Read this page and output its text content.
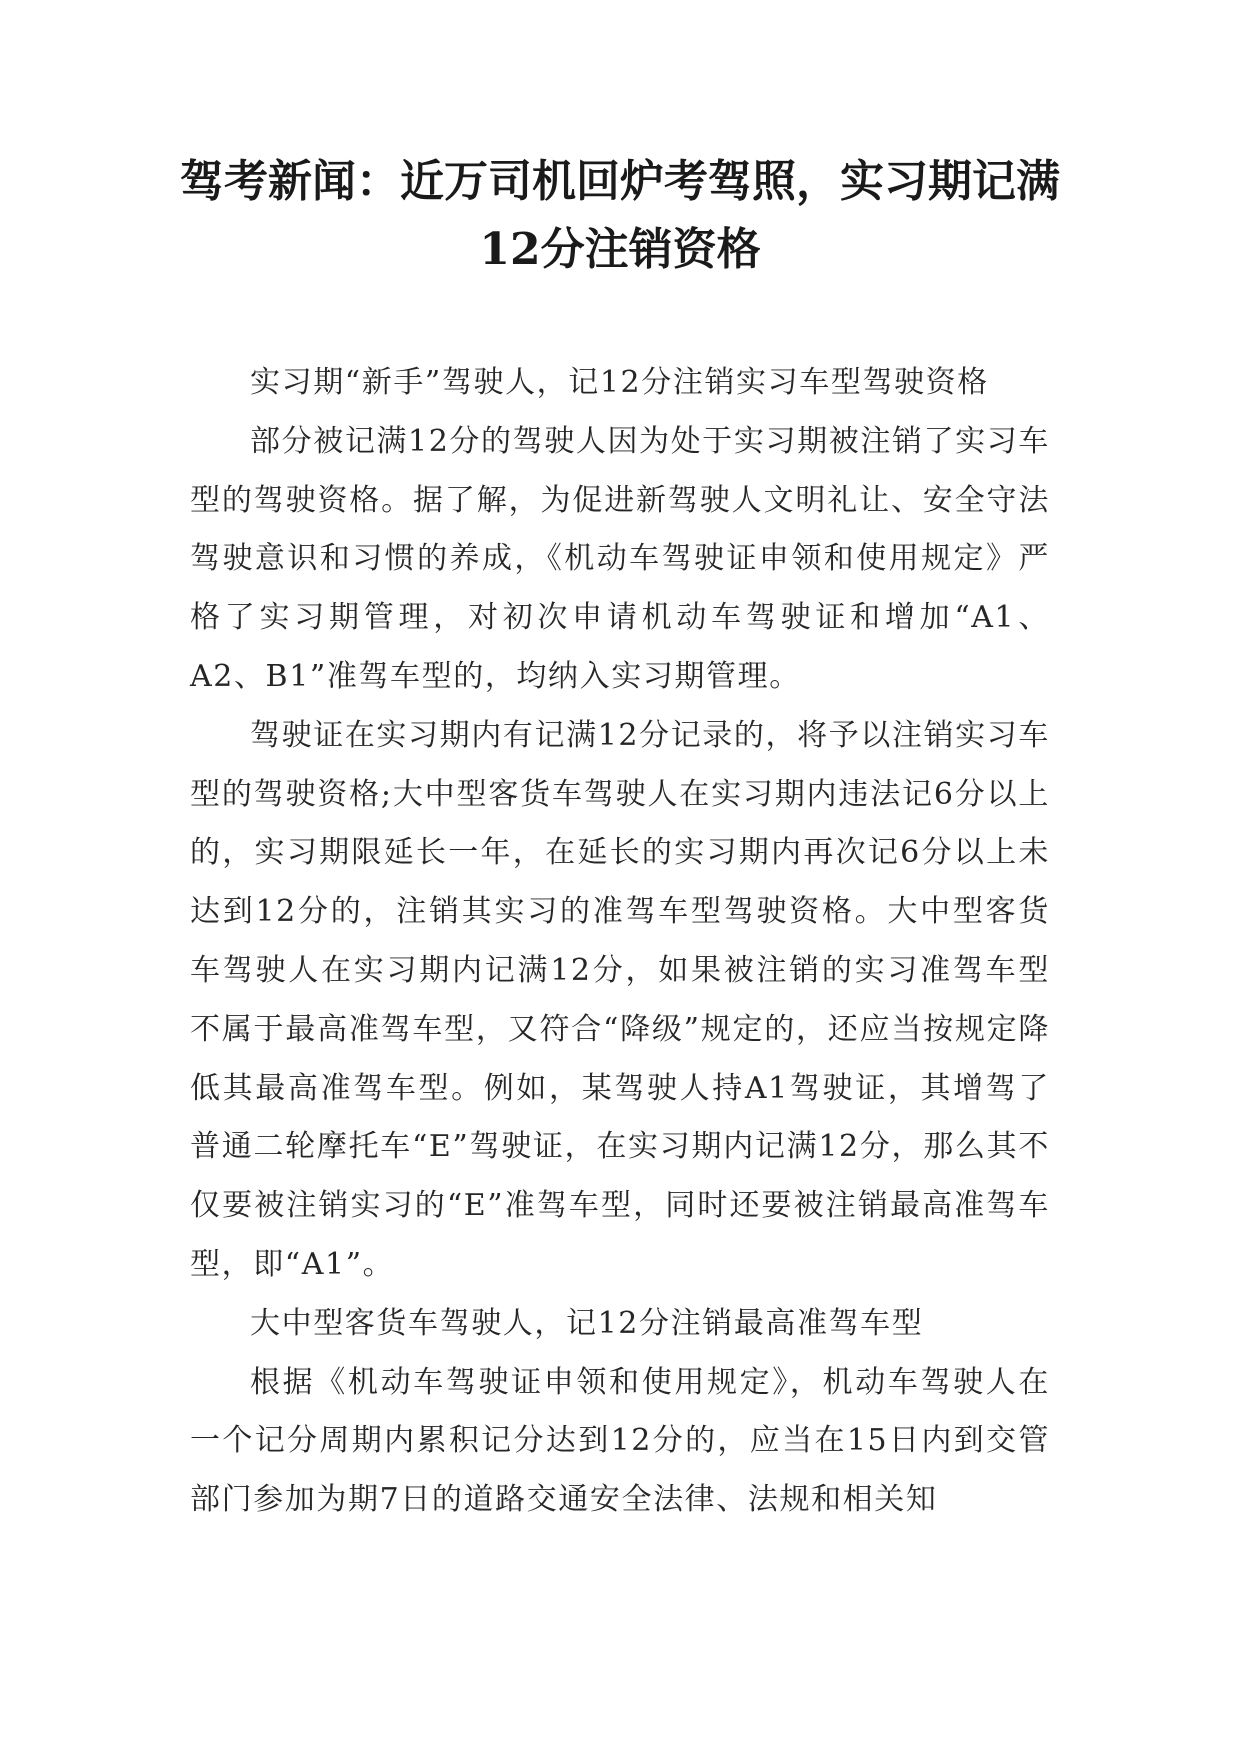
驾考新闻：近万司机回炉考驾照，实习期记满12分注销资格

实习期“新手”驾驶人，记12分注销实习车型驾驶资格

部分被记满12分的驾驶人因为处于实习期被注销了实习车型的驾驶资格。据了解，为促进新驾驶人文明礼让、安全守法驾驶意识和习惯的养成，《机动车驾驶证申领和使用规定》严格了实习期管理，对初次申请机动车驾驶证和增加“A1、A2、B1”准驾车型的，均纳入实习期管理。

驾驶证在实习期内有记满12分记录的，将予以注销实习车型的驾驶资格;大中型客货车驾驶人在实习期内违法记6分以上的，实习期限延长一年，在延长的实习期内再次记6分以上未达到12分的，注销其实习的准驾车型驾驶资格。大中型客货车驾驶人在实习期内记满12分，如果被注销的实习准驾车型不属于最高准驾车型，又符合“降级”规定的，还应当按规定降低其最高准驾车型。例如，某驾驶人持A1驾驶证，其增驾了普通二轮摩托车“E”驾驶证，在实习期内记满12分，那么其不仅要被注销实习的“E”准驾车型，同时还要被注销最高准驾车型，即“A1”。

大中型客货车驾驶人，记12分注销最高准驾车型

根据《机动车驾驶证申领和使用规定》，机动车驾驶人在一个记分周期内累积记分达到12分的，应当在15日内到交管部门参加为期7日的道路交通安全法律、法规和相关知
